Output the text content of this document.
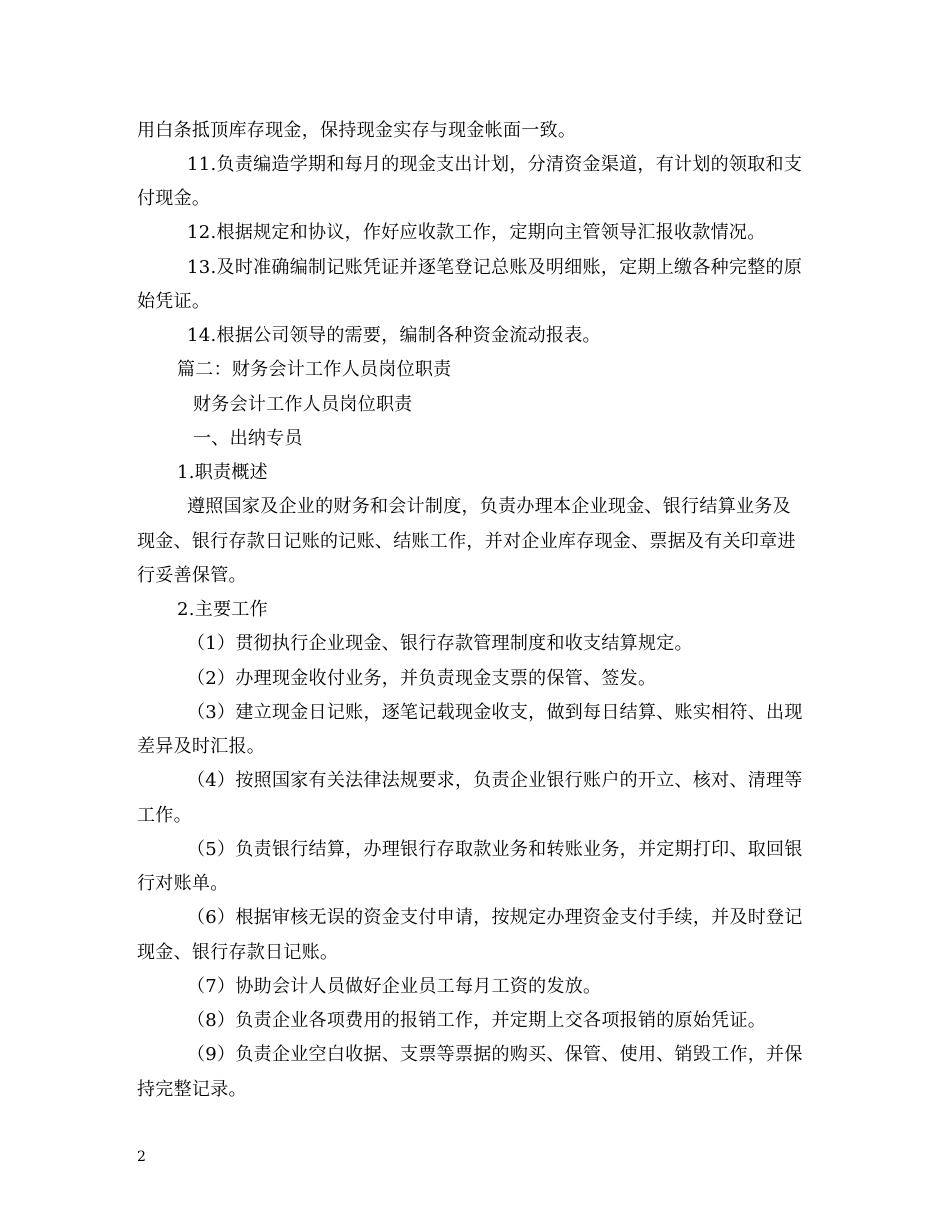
用白条抵顶库存现金，保持现金实存与现金帐面一致。
11.负责编造学期和每月的现金支出计划，分清资金渠道，有计划的领取和支
付现金。
12.根据规定和协议，作好应收款工作，定期向主管领导汇报收款情况。
13.及时准确编制记账凭证并逐笔登记总账及明细账，定期上缴各种完整的原
始凭证。
14.根据公司领导的需要，编制各种资金流动报表。
篇二：财务会计工作人员岗位职责
财务会计工作人员岗位职责
一、出纳专员
1.职责概述
遵照国家及企业的财务和会计制度，负责办理本企业现金、银行结算业务及
现金、银行存款日记账的记账、结账工作，并对企业库存现金、票据及有关印章进
行妥善保管。
2.主要工作
（1）贯彻执行企业现金、银行存款管理制度和收支结算规定。
（2）办理现金收付业务，并负责现金支票的保管、签发。
（3）建立现金日记账，逐笔记载现金收支，做到每日结算、账实相符、出现
差异及时汇报。
（4）按照国家有关法律法规要求，负责企业银行账户的开立、核对、清理等
工作。
（5）负责银行结算，办理银行存取款业务和转账业务，并定期打印、取回银
行对账单。
（6）根据审核无误的资金支付申请，按规定办理资金支付手续，并及时登记
现金、银行存款日记账。
（7）协助会计人员做好企业员工每月工资的发放。
（8）负责企业各项费用的报销工作，并定期上交各项报销的原始凭证。
（9）负责企业空白收据、支票等票据的购买、保管、使用、销毁工作，并保
持完整记录。
2
